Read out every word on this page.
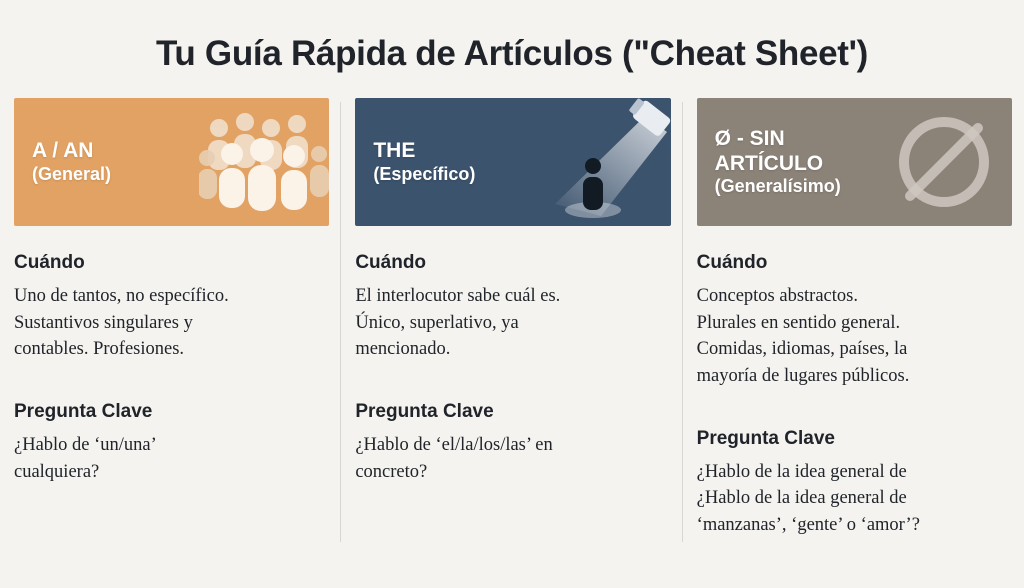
Tu Guía Rápida de Artículos ("Cheat Sheet')
A / AN
(General)
Cuándo
Uno de tantos, no específico.
Sustantivos singulares y
contables. Profesiones.
Pregunta Clave
¿Hablo de ‘un/una’
cualquiera?
THE
(Específico)
Cuándo
El interlocutor sabe cuál es.
Único, superlativo, ya
mencionado.
Pregunta Clave
¿Hablo de ‘el/la/los/las’ en
concreto?
Ø - SIN
ARTÍCULO
(Generalísimo)
Cuándo
Conceptos abstractos.
Plurales en sentido general.
Comidas, idiomas, países, la
mayoría de lugares públicos.
Pregunta Clave
¿Hablo de la idea general de
¿Hablo de la idea general de
‘manzanas’, ‘gente’ o ‘amor’?
